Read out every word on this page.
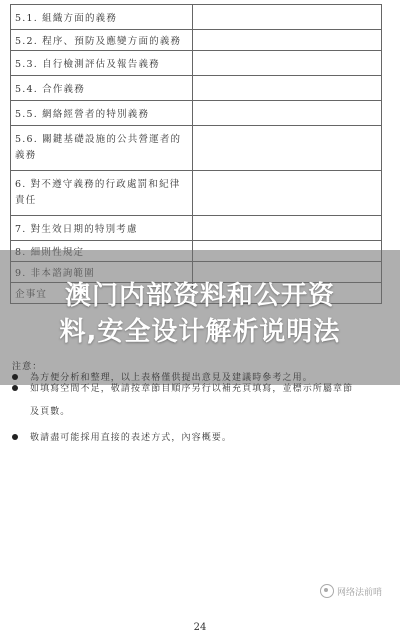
5.1. 組織方面的義務	
5.2. 程序、預防及應變方面的義務	
5.3. 自行檢測評估及報告義務	
5.4. 合作義務	
5.5. 網絡經營者的特別義務	
5.6. 關鍵基礎設施的公共營運者的義務	
6. 對不遵守義務的行政處罰和紀律責任	
7. 對生效日期的特別考慮	

澳门内部资料和公开资
料,安全设计解析说明法
注意：
為方便分析和整理，以上表格僅供提出意見及建議時參考之用。
如填寫空間不足，敬請按章節目順序另行以補充頁填寫，並標示所屬章節
及頁數。
敬請盡可能採用直接的表述方式，內容概要。
网络法前哨
24
